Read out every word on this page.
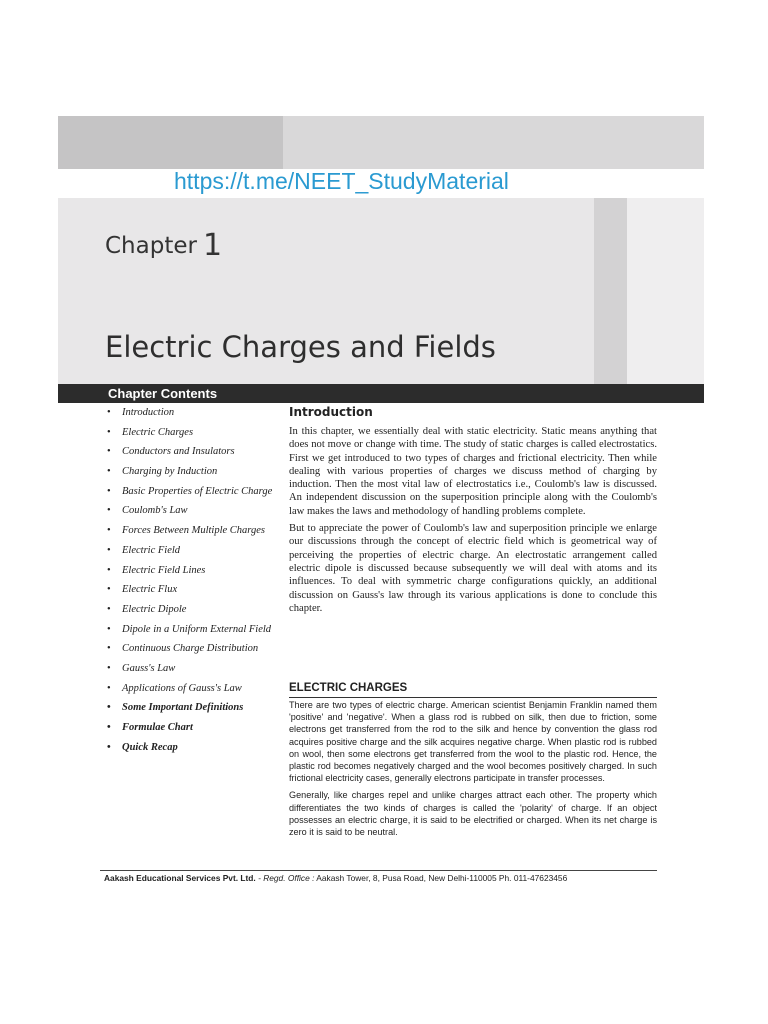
https://t.me/NEET_StudyMaterial
Chapter 1
Electric Charges and Fields
Chapter Contents
• Introduction
• Electric Charges
• Conductors and Insulators
• Charging by Induction
• Basic Properties of Electric Charge
• Coulomb's Law
• Forces Between Multiple Charges
• Electric Field
• Electric Field Lines
• Electric Flux
• Electric Dipole
• Dipole in a Uniform External Field
• Continuous Charge Distribution
• Gauss's Law
• Applications of Gauss's Law
• Some Important Definitions
• Formulae Chart
• Quick Recap
Introduction

In this chapter, we essentially deal with static electricity. Static means anything that does not move or change with time. The study of static charges is called electrostatics. First we get introduced to two types of charges and frictional electricity. Then while dealing with various properties of charges we discuss method of charging by induction. Then the most vital law of electrostatics i.e., Coulomb's law is discussed. An independent discussion on the superposition principle along with the Coulomb's law makes the laws and methodology of handling problems complete.

But to appreciate the power of Coulomb's law and superposition principle we enlarge our discussions through the concept of electric field which is geometrical way of perceiving the properties of electric charge. An electrostatic arrangement called electric dipole is discussed because subsequently we will deal with atoms and its influences. To deal with symmetric charge configurations quickly, an additional discussion on Gauss's law through its various applications is done to conclude this chapter.

ELECTRIC CHARGES

There are two types of electric charge. American scientist Benjamin Franklin named them 'positive' and 'negative'. When a glass rod is rubbed on silk, then due to friction, some electrons get transferred from the rod to the silk and hence by convention the glass rod acquires positive charge and the silk acquires negative charge. When plastic rod is rubbed on wool, then some electrons get transferred from the wool to the plastic rod. Hence, the plastic rod becomes negatively charged and the wool becomes positively charged. In such frictional electricity cases, generally electrons participate in transfer processes.

Generally, like charges repel and unlike charges attract each other. The property which differentiates the two kinds of charges is called the 'polarity' of charge. If an object possesses an electric charge, it is said to be electrified or charged. When its net charge is zero it is said to be neutral.

Aakash Educational Services Pvt. Ltd. - Regd. Office : Aakash Tower, 8, Pusa Road, New Delhi-110005 Ph. 011-47623456
